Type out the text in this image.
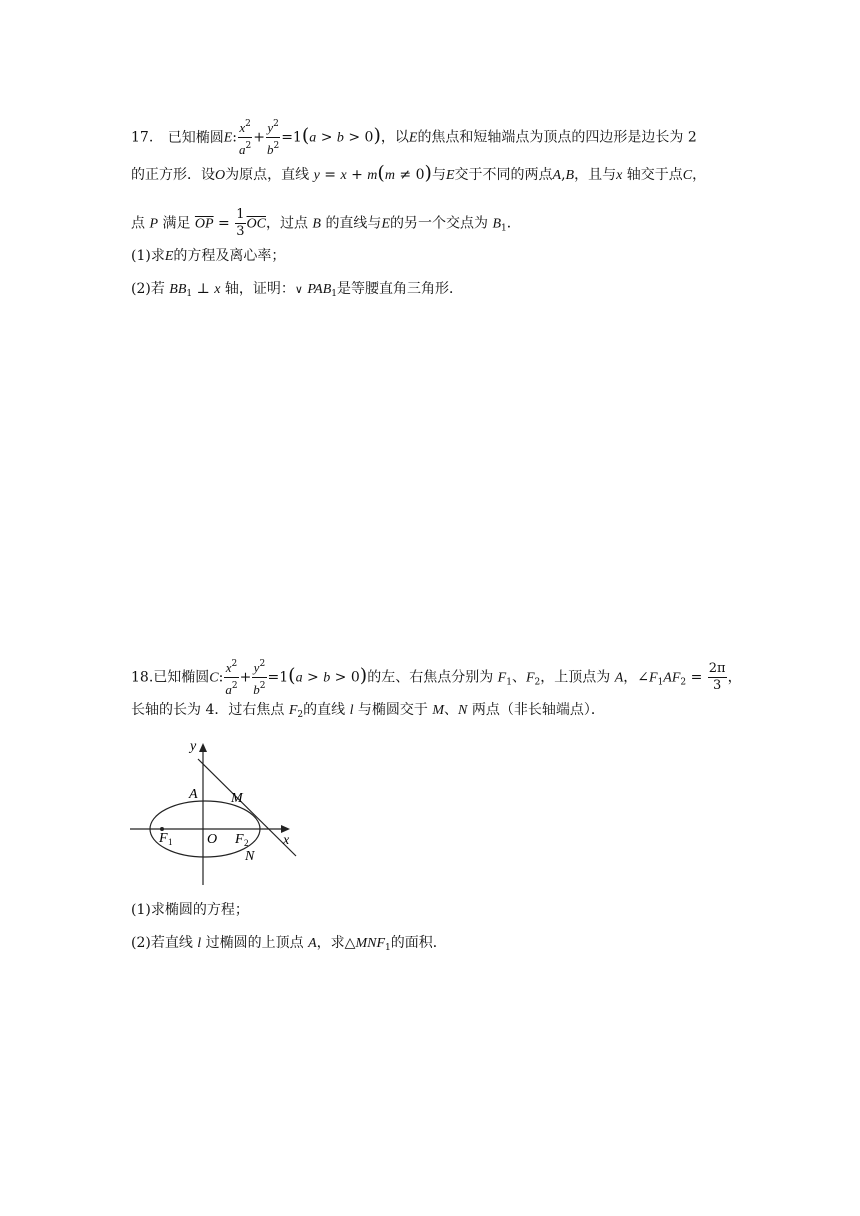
17. 已知椭圆E: $\frac{x^2}{a^2} + \frac{y^2}{b^2} =1(a > b > 0)$，以E的焦点和短轴端点为顶点的四边形是边长为 2
的正方形．设O为原点，直线 y = x + m(m ≠ 0)与E交于不同的两点A,B，且与x 轴交于点C，
点 P 满足 $\overline{OP} = \frac{1}{3} \overline{OC}$，过点 B 的直线与E的另一个交点为 $B_1$．
(1)求E的方程及离心率；
(2)若 $BB_1$ ⊥ x 轴，证明：∨ $PAB_1$是等腰直角三角形．
18.已知椭圆C: $\frac{x^2}{a^2} + \frac{y^2}{b^2} =1(a > b > 0)$的左、右焦点分别为 $F_1$、$F_2$，上顶点为 A，$\angle F_1AF_2 = \frac{2\pi}{3}$ ，
长轴的长为 4．过右焦点 $F_2$的直线 l 与椭圆交于 M、N 两点（非长轴端点）．
y
A M
O
F 1	F 2 x
N
(1)求椭圆的方程；
(2)若直线 l 过椭圆的上顶点 A，求$\triangle MNF_1$的面积．
